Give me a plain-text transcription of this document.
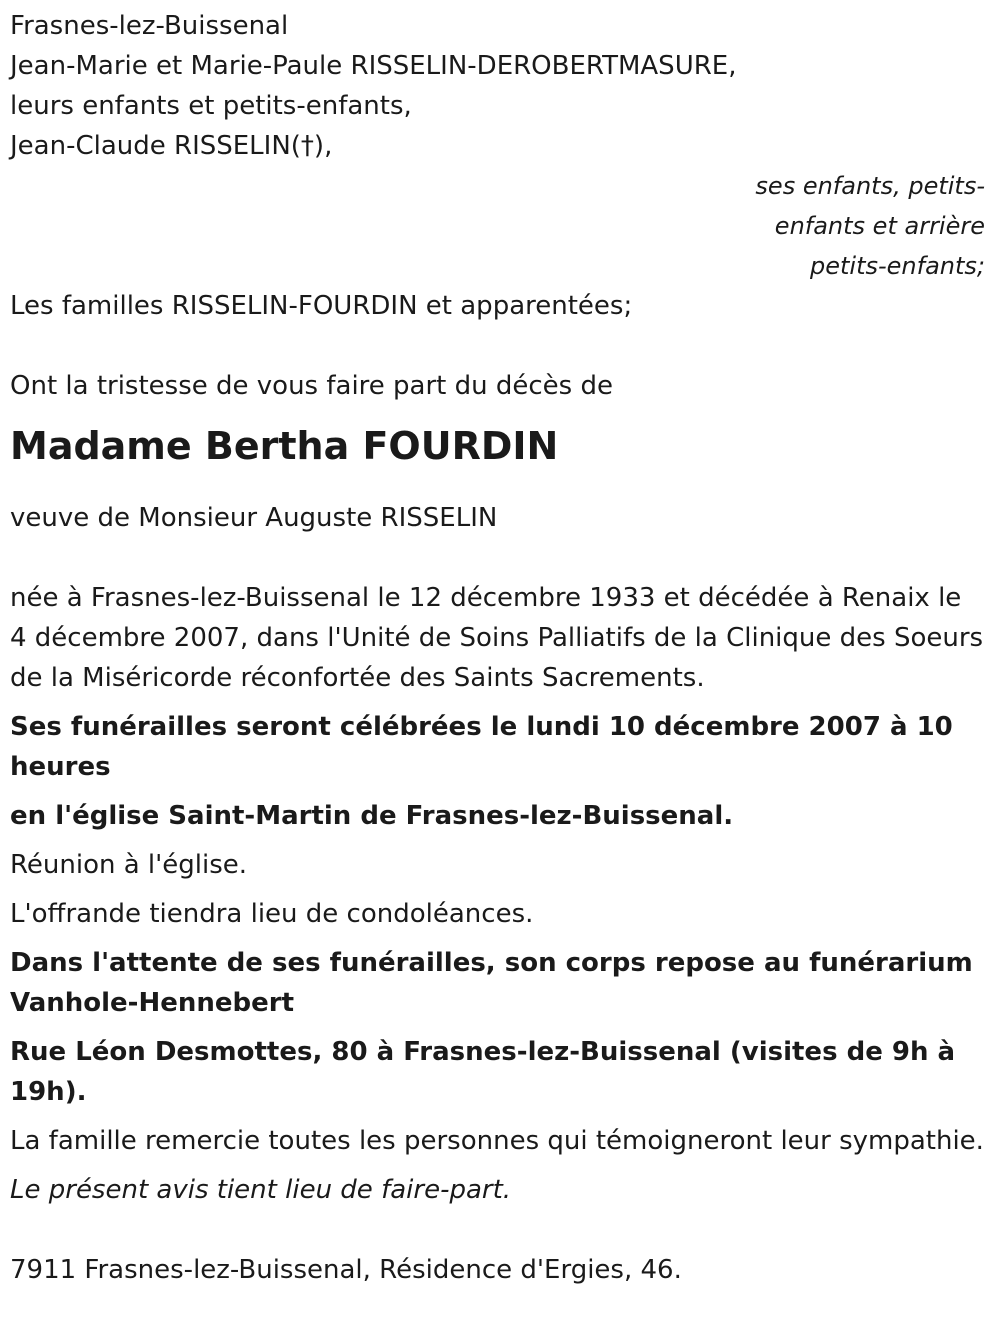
Frasnes-lez-Buissenal
Jean-Marie et Marie-Paule RISSELIN-DEROBERTMASURE,
leurs enfants et petits-enfants,
Jean-Claude RISSELIN(†),
ses enfants, petits-
enfants et arrière
petits-enfants;
Les familles RISSELIN-FOURDIN et apparentées;
Ont la tristesse de vous faire part du décès de
Madame Bertha FOURDIN
veuve de Monsieur Auguste RISSELIN

née à Frasnes-lez-Buissenal le 12 décembre 1933 et décédée à Renaix le 4 décembre 2007, dans l'Unité de Soins Palliatifs de la Clinique des Soeurs de la Miséricorde réconfortée des Saints Sacrements.

Ses funérailles seront célébrées le lundi 10 décembre 2007 à 10 heures

en l'église Saint-Martin de Frasnes-lez-Buissenal.

Réunion à l'église.

L'offrande tiendra lieu de condoléances.

Dans l'attente de ses funérailles, son corps repose au funérarium Vanhole-Hennebert

Rue Léon Desmottes, 80 à Frasnes-lez-Buissenal (visites de 9h à 19h).

La famille remercie toutes les personnes qui témoigneront leur sympathie.

Le présent avis tient lieu de faire-part.

7911 Frasnes-lez-Buissenal, Résidence d'Ergies, 46.
